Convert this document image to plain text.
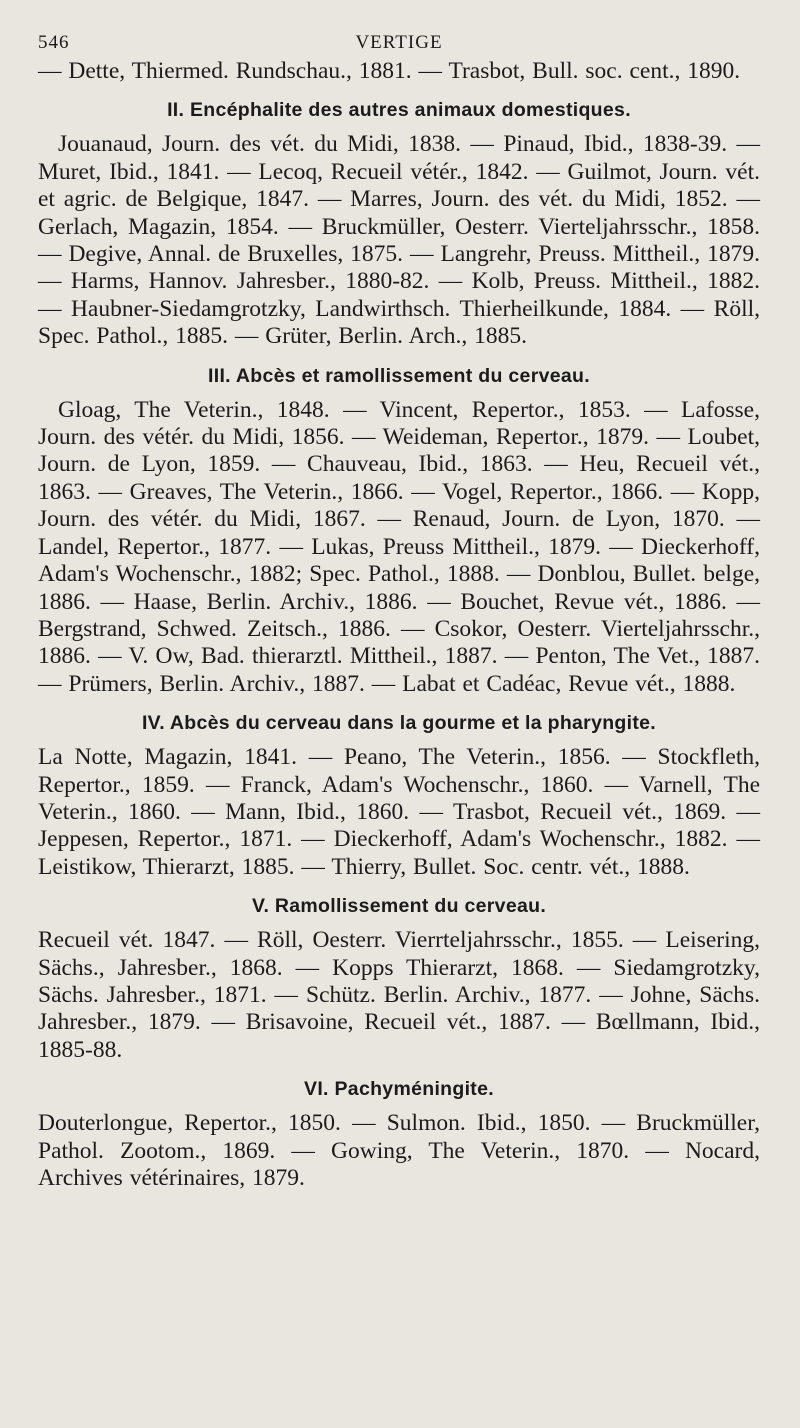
546	VERTIGE

— Dette, Thiermed. Rundschau., 1881. — Trasbot, Bull. soc. cent., 1890.

II. Encéphalite des autres animaux domestiques.

Jouanaud, Journ. des vét. du Midi, 1838. — Pinaud, Ibid., 1838-39. — Muret, Ibid., 1841. — Lecoq, Recueil vétér., 1842. — Guilmot, Journ. vét. et agric. de Belgique, 1847. — Marres, Journ. des vét. du Midi, 1852. — Gerlach, Magazin, 1854. — Bruckmüller, Oesterr. Vierteljahrsschr., 1858. — Degive, Annal. de Bruxelles, 1875. — Langrehr, Preuss. Mittheil., 1879. — Harms, Hannov. Jahresber., 1880-82. — Kolb, Preuss. Mittheil., 1882. — Haubner-Siedamgrotzky, Landwirthsch. Thierheilkunde, 1884. — Röll, Spec. Pathol., 1885. — Grüter, Berlin. Arch., 1885.

III. Abcès et ramollissement du cerveau.

Gloag, The Veterin., 1848. — Vincent, Repertor., 1853. — Lafosse, Journ. des vétér. du Midi, 1856. — Weideman, Repertor., 1879. — Loubet, Journ. de Lyon, 1859. — Chauveau, Ibid., 1863. — Heu, Recueil vét., 1863. — Greaves, The Veterin., 1866. — Vogel, Repertor., 1866. — Kopp, Journ. des vétér. du Midi, 1867. — Renaud, Journ. de Lyon, 1870. — Landel, Repertor., 1877. — Lukas, Preuss Mittheil., 1879. — Dieckerhoff, Adam's Wochenschr., 1882; Spec. Pathol., 1888. — Donblou, Bullet. belge, 1886. — Haase, Berlin. Archiv., 1886. — Bouchet, Revue vét., 1886. — Bergstrand, Schwed. Zeitsch., 1886. — Csokor, Oesterr. Vierteljahrsschr., 1886. — V. Ow, Bad. thierarztl. Mittheil., 1887. — Penton, The Vet., 1887. — Prümers, Berlin. Archiv., 1887. — Labat et Cadéac, Revue vét., 1888.

IV. Abcès du cerveau dans la gourme et la pharyngite.

La Notte, Magazin, 1841. — Peano, The Veterin., 1856. — Stockfleth, Repertor., 1859. — Franck, Adam's Wochenschr., 1860. — Varnell, The Veterin., 1860. — Mann, Ibid., 1860. — Trasbot, Recueil vét., 1869. — Jeppesen, Repertor., 1871. — Dieckerhoff, Adam's Wochenschr., 1882. — Leistikow, Thierarzt, 1885. — Thierry, Bullet. Soc. centr. vét., 1888.

V. Ramollissement du cerveau.

Recueil vét. 1847. — Röll, Oesterr. Vierrteljahrsschr., 1855. — Leisering, Sächs., Jahresber., 1868. — Kopps Thierarzt, 1868. — Siedamgrotzky, Sächs. Jahresber., 1871. — Schütz. Berlin. Archiv., 1877. — Johne, Sächs. Jahresber., 1879. — Brisavoine, Recueil vét., 1887. — Bœllmann, Ibid., 1885-88.

VI. Pachyméningite.

Douterlongue, Repertor., 1850. — Sulmon. Ibid., 1850. — Bruckmüller, Pathol. Zootom., 1869. — Gowing, The Veterin., 1870. — Nocard, Archives vétérinaires, 1879.
